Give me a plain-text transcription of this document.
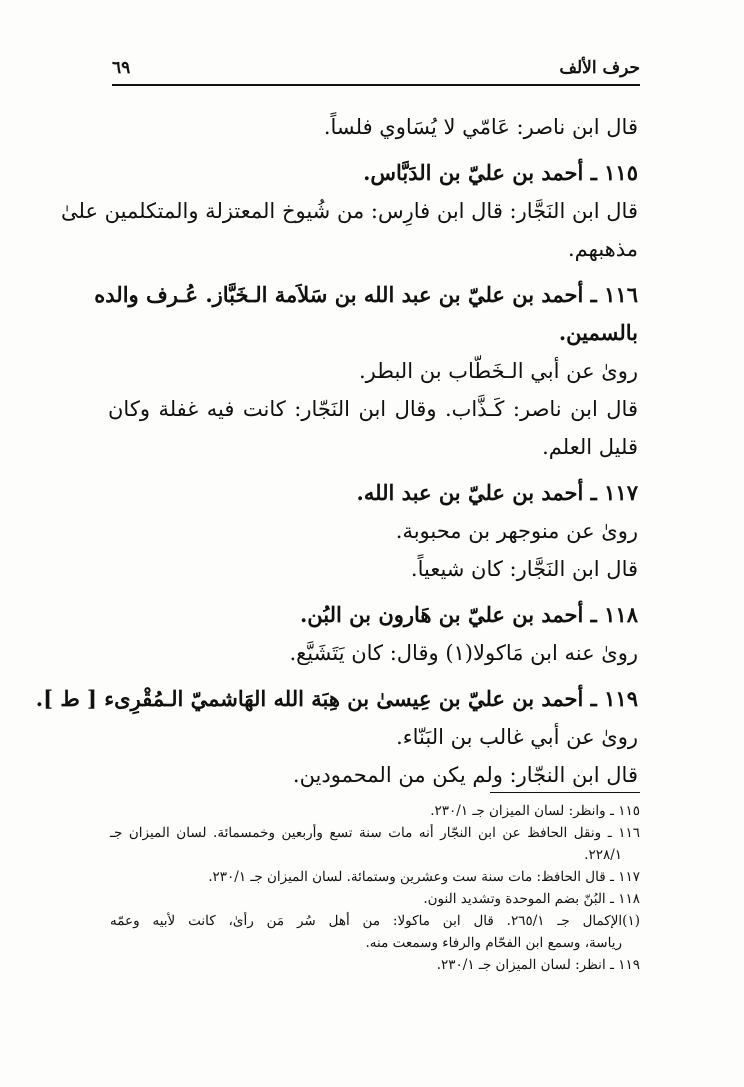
حرف الألف
٦٩
قال ابن ناصر: عَامّي لا يُسَاوي فلساً.
١١٥ ـ أحمد بن عليّ بن الدَبَّاس.
قال ابن النَجَّار: قال ابن فارِس: من شُيوخ المعتزلة والمتكلمين علىٰ
مذهبهم.
١١٦ ـ أحمد بن عليّ بن عبد الله بن سَلاَمة الـخَبَّاز. عُـرف والده
بالسمين.
روىٰ عن أبي الـخَطّاب بن البطر.
قال ابن ناصر: كَـذَّاب. وقال ابن النَجّار: كانت فيه غفلة وكان
قليل العلم.
١١٧ ـ أحمد بن عليّ بن عبد الله.
روىٰ عن منوجهر بن محبوبة.
قال ابن النَجَّار: كان شيعياً.
١١٨ ـ أحمد بن عليّ بن هَارون بن البُن.
روىٰ عنه ابن مَاكولا(١) وقال: كان يَتَشَيَّع.
١١٩ ـ أحمد بن عليّ بن عِيسىٰ بن هِبَة الله الهَاشميّ الـمُقْرِىء [ ط ].
روىٰ عن أبي غالب بن البَنّاء.
قال ابن النجّار: ولم يكن من المحمودين.
١١٥ ـ وانظر: لسان الميزان جـ ٢٣٠/١.
١١٦ ـ ونقل الحافظ عن ابن النجّار أنه مات سنة تسع وأربعين وخمسمائة. لسان الميزان جـ
٢٢٨/١.
١١٧ ـ قال الحافظ: مات سنة ست وعشرين وستمائة. لسان الميزان جـ ٢٣٠/١.
١١٨ ـ البُنّ بضم الموحدة وتشديد النون.
(١)الإكمال جـ ٢٦٥/١. قال ابن ماكولا: من أهل سُر مَن رأىٰ، كانت لأبيه وعمّه
رياسة، وسمع ابن الفحّام والرفاء وسمعت منه.
١١٩ ـ انظر: لسان الميزان جـ ٢٣٠/١.
